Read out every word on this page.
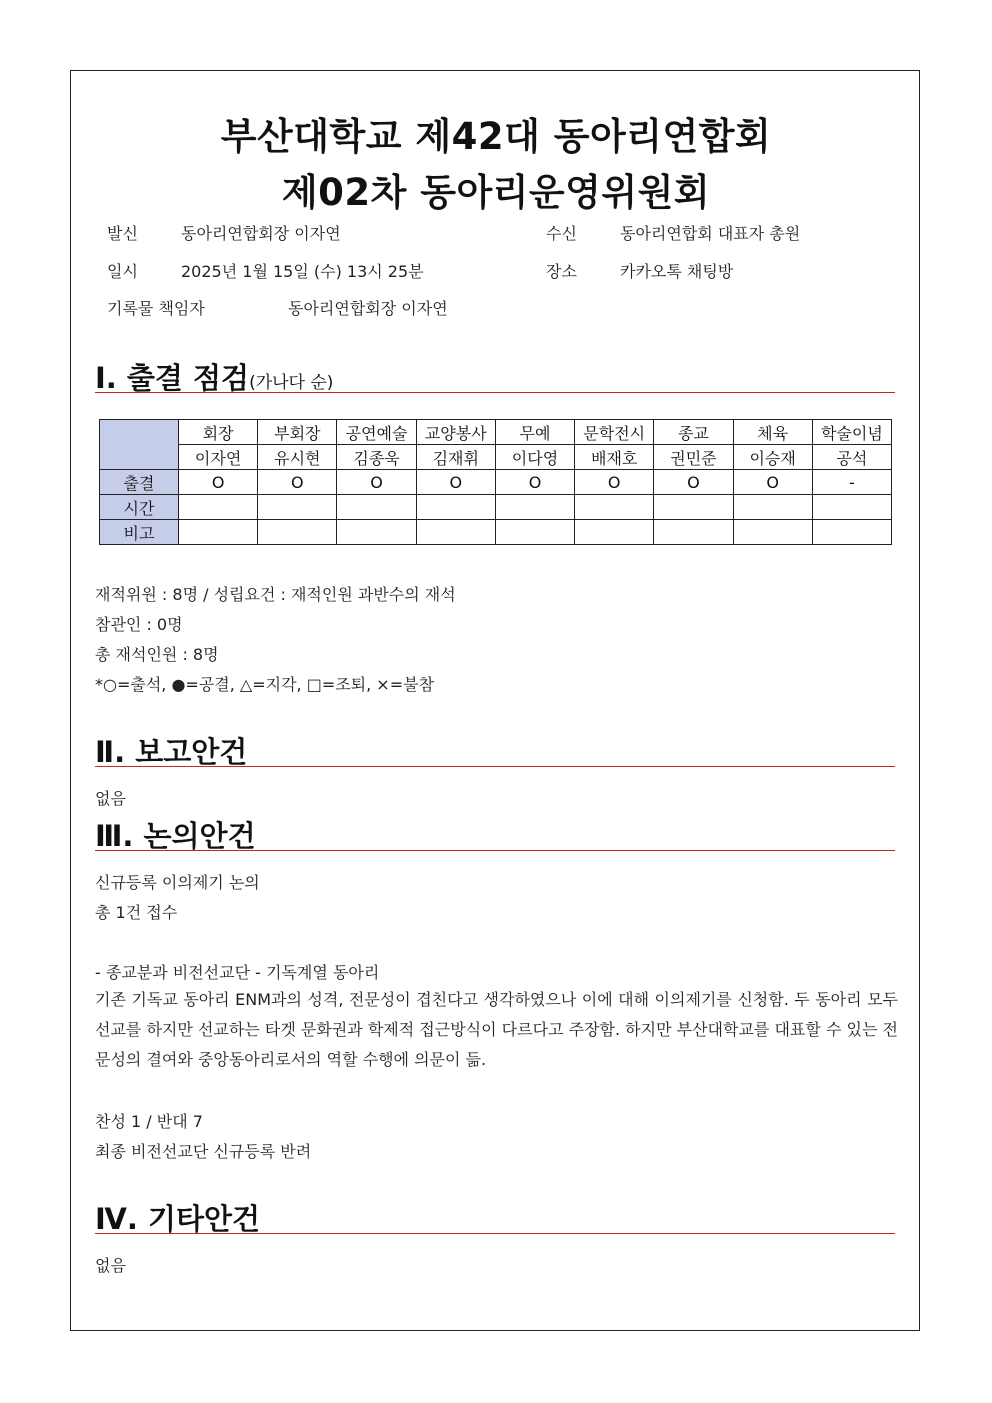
부산대학교 제42대 동아리연합회
제02차 동아리운영위원회
발신	동아리연합회장 이자연	수신	동아리연합회 대표자 총원
일시	2025년 1월 15일 (수) 13시 25분	장소	카카오톡 채팅방
기록물 책임자	동아리연합회장 이자연
Ⅰ. 출결 점검(가나다 순)
	회장	부회장	공연예술	교양봉사	무예	문학전시	종교	체육	학술이념
	이자연	유시현	김종욱	김재휘	이다영	배재호	권민준	이승재	공석
출결	O	O	O	O	O	O	O	O	-
시간									
비고									
재적위원 : 8명 / 성립요건 : 재적인원 과반수의 재석
참관인 : 0명
총 재석인원 : 8명
*○=출석, ●=공결, △=지각, □=조퇴, ×=불참
Ⅱ. 보고안건
없음
Ⅲ. 논의안건
신규등록 이의제기 논의
총 1건 접수
- 종교분과 비전선교단 - 기독계열 동아리
기존 기독교 동아리 ENM과의 성격, 전문성이 겹친다고 생각하였으나 이에 대해 이의제기를 신청함. 두 동아리 모두 선교를 하지만 선교하는 타겟 문화권과 학제적 접근방식이 다르다고 주장함. 하지만 부산대학교를 대표할 수 있는 전문성의 결여와 중앙동아리로서의 역할 수행에 의문이 듦.
찬성 1 / 반대 7
최종 비전선교단 신규등록 반려
Ⅳ. 기타안건
없음
